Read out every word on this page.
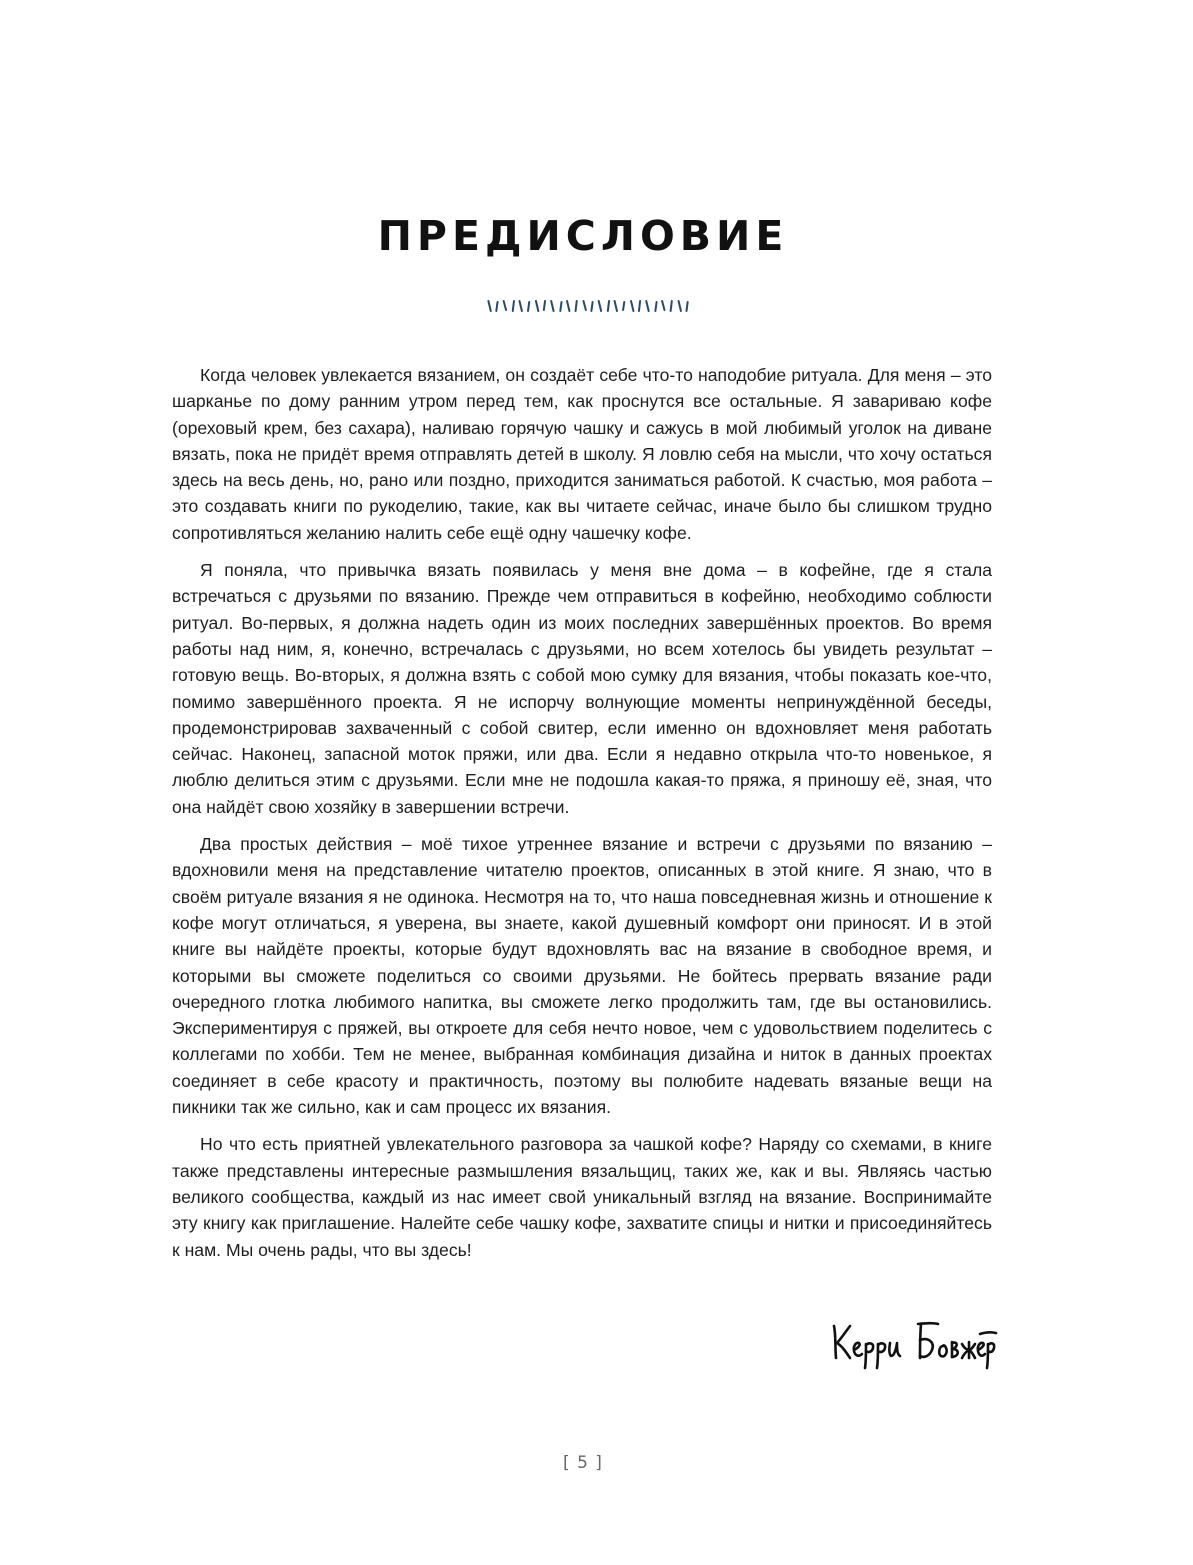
ПРЕДИСЛОВИЕ

Когда человек увлекается вязанием, он создаёт себе что-то наподобие ритуала. Для меня – это шарканье по дому ранним утром перед тем, как проснутся все остальные. Я завариваю кофе (ореховый крем, без сахара), наливаю горячую чашку и сажусь в мой любимый уголок на диване вязать, пока не придёт время отправлять детей в школу. Я ловлю себя на мысли, что хочу остаться здесь на весь день, но, рано или поздно, приходится заниматься работой. К счастью, моя работа – это создавать книги по рукоделию, такие, как вы читаете сейчас, иначе было бы слишком трудно сопротивляться желанию налить себе ещё одну чашечку кофе.

Я поняла, что привычка вязать появилась у меня вне дома – в кофейне, где я стала встречаться с друзьями по вязанию. Прежде чем отправиться в кофейню, необходимо соблюсти ритуал. Во-первых, я должна надеть один из моих последних завершённых проектов. Во время работы над ним, я, конечно, встречалась с друзьями, но всем хотелось бы увидеть результат – готовую вещь. Во-вторых, я должна взять с собой мою сумку для вязания, чтобы показать кое-что, помимо завершённого проекта. Я не испорчу волнующие моменты непринуждённой беседы, продемонстрировав захваченный с собой свитер, если именно он вдохновляет меня работать сейчас. Наконец, запасной моток пряжи, или два. Если я недавно открыла что-то новенькое, я люблю делиться этим с друзьями. Если мне не подошла какая-то пряжа, я приношу её, зная, что она найдёт свою хозяйку в завершении встречи.

Два простых действия – моё тихое утреннее вязание и встречи с друзьями по вязанию – вдохновили меня на представление читателю проектов, описанных в этой книге. Я знаю, что в своём ритуале вязания я не одинока. Несмотря на то, что наша повседневная жизнь и отношение к кофе могут отличаться, я уверена, вы знаете, какой душевный комфорт они приносят. И в этой книге вы найдёте проекты, которые будут вдохновлять вас на вязание в свободное время, и которыми вы сможете поделиться со своими друзьями. Не бойтесь прервать вязание ради очередного глотка любимого напитка, вы сможете легко продолжить там, где вы остановились. Экспериментируя с пряжей, вы откроете для себя нечто новое, чем с удовольствием поделитесь с коллегами по хобби. Тем не менее, выбранная комбинация дизайна и ниток в данных проектах соединяет в себе красоту и практичность, поэтому вы полюбите надевать вязаные вещи на пикники так же сильно, как и сам процесс их вязания.

Но что есть приятней увлекательного разговора за чашкой кофе? Наряду со схемами, в книге также представлены интересные размышления вязальщиц, таких же, как и вы. Являясь частью великого сообщества, каждый из нас имеет свой уникальный взгляд на вязание. Воспринимайте эту книгу как приглашение. Налейте себе чашку кофе, захватите спицы и нитки и присоединяйтесь к нам. Мы очень рады, что вы здесь!

[ 5 ]
